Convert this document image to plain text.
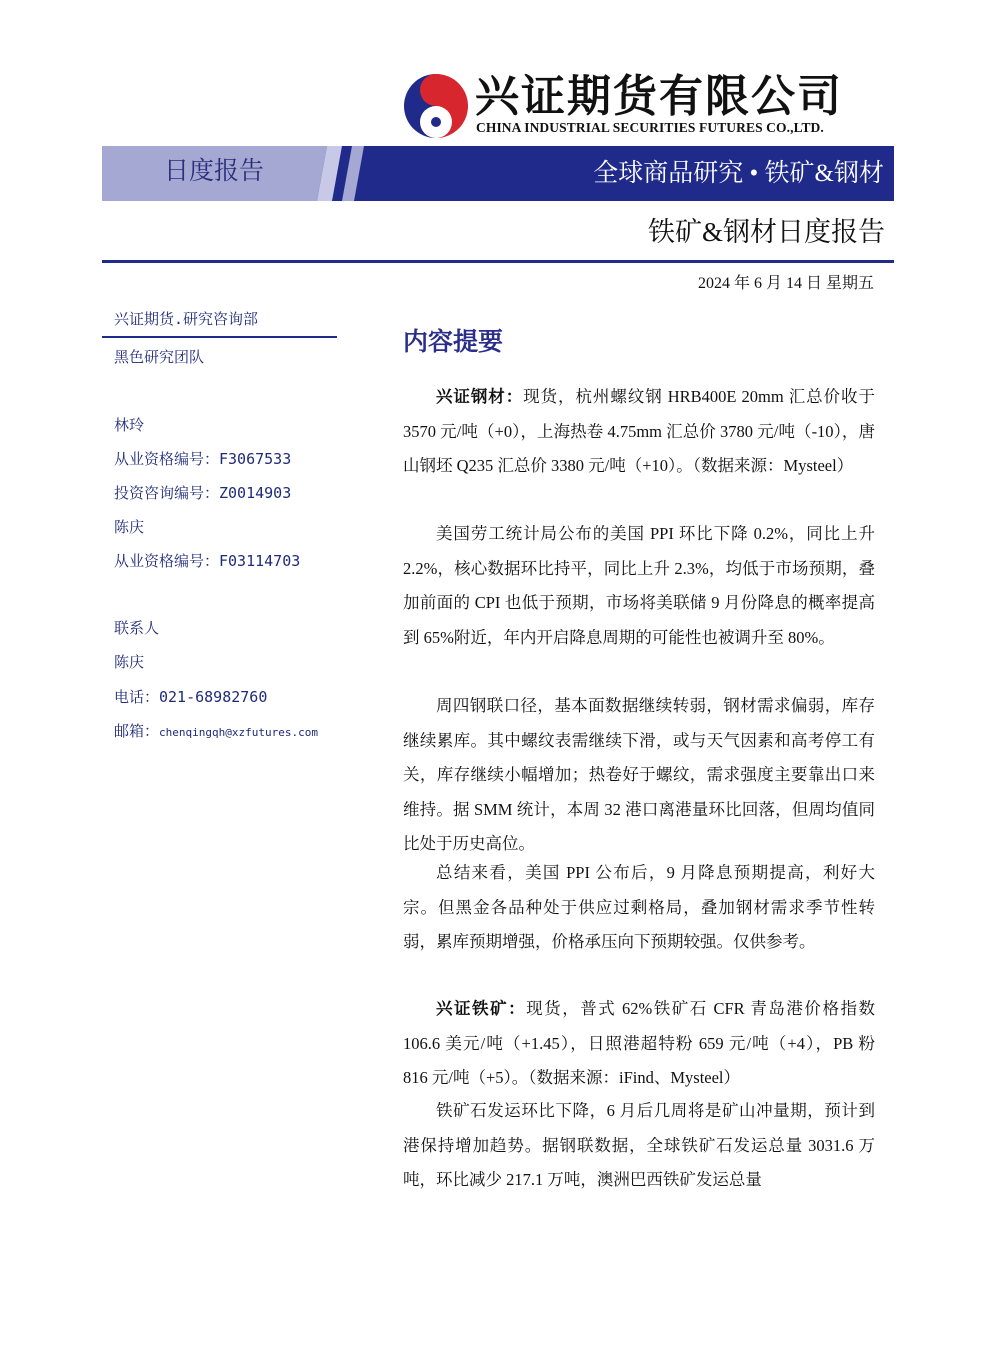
兴证期货有限公司
CHINA INDUSTRIAL SECURITIES FUTURES CO.,LTD.
日度报告	全球商品研究 • 铁矿&钢材
铁矿&钢材日度报告
2024 年 6 月 14 日 星期五
兴证期货.研究咨询部
黑色研究团队
林玲
从业资格编号：F3067533
投资咨询编号：Z0014903
陈庆
从业资格编号：F03114703
联系人
陈庆
电话：021-68982760
邮箱：chenqingqh@xzfutures.com
内容提要

兴证钢材：现货，杭州螺纹钢 HRB400E 20mm 汇总价收于 3570 元/吨（+0），上海热卷 4.75mm 汇总价 3780 元/吨（-10），唐山钢坯 Q235 汇总价 3380 元/吨（+10）。（数据来源：Mysteel）

美国劳工统计局公布的美国 PPI 环比下降 0.2%，同比上升 2.2%，核心数据环比持平，同比上升 2.3%，均低于市场预期，叠加前面的 CPI 也低于预期，市场将美联储 9 月份降息的概率提高到 65%附近，年内开启降息周期的可能性也被调升至 80%。

周四钢联口径，基本面数据继续转弱，钢材需求偏弱，库存继续累库。其中螺纹表需继续下滑，或与天气因素和高考停工有关，库存继续小幅增加；热卷好于螺纹，需求强度主要靠出口来维持。据 SMM 统计，本周 32 港口离港量环比回落，但周均值同比处于历史高位。

总结来看，美国 PPI 公布后，9 月降息预期提高，利好大宗。但黑金各品种处于供应过剩格局，叠加钢材需求季节性转弱，累库预期增强，价格承压向下预期较强。仅供参考。

兴证铁矿：现货，普式 62%铁矿石 CFR 青岛港价格指数 106.6 美元/吨（+1.45），日照港超特粉 659 元/吨（+4），PB 粉 816 元/吨（+5）。（数据来源：iFind、Mysteel）

铁矿石发运环比下降，6 月后几周将是矿山冲量期，预计到港保持增加趋势。据钢联数据，全球铁矿石发运总量 3031.6 万吨，环比减少 217.1 万吨，澳洲巴西铁矿发运总量
